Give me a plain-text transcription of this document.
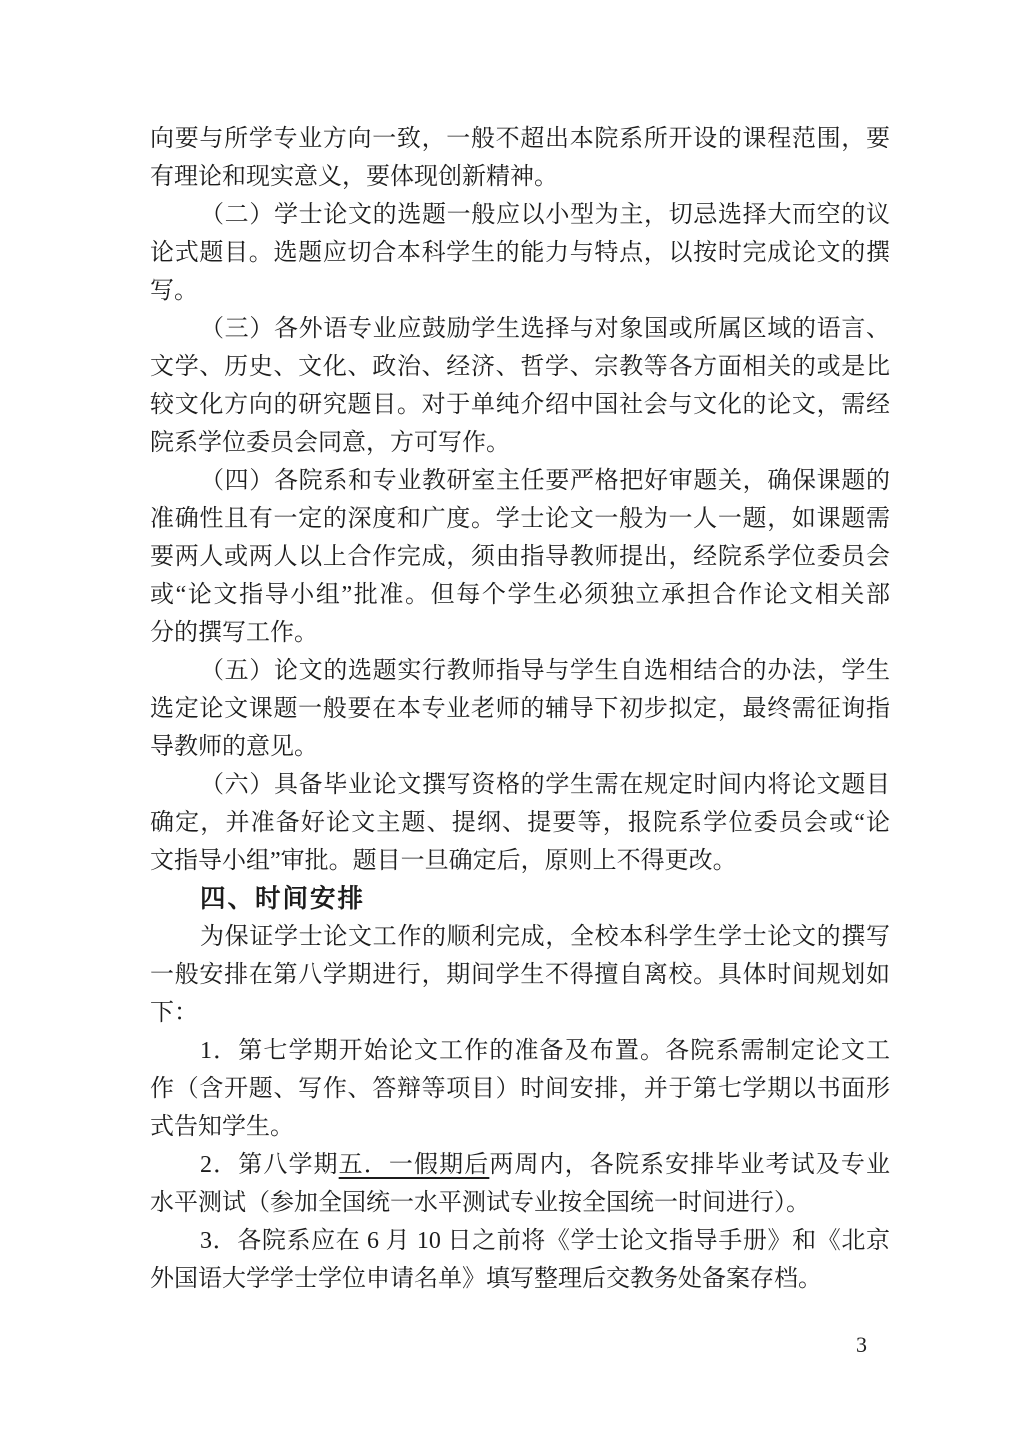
向要与所学专业方向一致，一般不超出本院系所开设的课程范围，要
有理论和现实意义，要体现创新精神。
（二）学士论文的选题一般应以小型为主，切忌选择大而空的议
论式题目。选题应切合本科学生的能力与特点，以按时完成论文的撰
写。
（三）各外语专业应鼓励学生选择与对象国或所属区域的语言、
文学、历史、文化、政治、经济、哲学、宗教等各方面相关的或是比
较文化方向的研究题目。对于单纯介绍中国社会与文化的论文，需经
院系学位委员会同意，方可写作。
（四）各院系和专业教研室主任要严格把好审题关，确保课题的
准确性且有一定的深度和广度。学士论文一般为一人一题，如课题需
要两人或两人以上合作完成，须由指导教师提出，经院系学位委员会
或“论文指导小组”批准。但每个学生必须独立承担合作论文相关部
分的撰写工作。
（五）论文的选题实行教师指导与学生自选相结合的办法，学生
选定论文课题一般要在本专业老师的辅导下初步拟定，最终需征询指
导教师的意见。
（六）具备毕业论文撰写资格的学生需在规定时间内将论文题目
确定，并准备好论文主题、提纲、提要等，报院系学位委员会或“论
文指导小组”审批。题目一旦确定后，原则上不得更改。
四、时间安排
为保证学士论文工作的顺利完成，全校本科学生学士论文的撰写
一般安排在第八学期进行，期间学生不得擅自离校。具体时间规划如
下：
1．第七学期开始论文工作的准备及布置。各院系需制定论文工
作（含开题、写作、答辩等项目）时间安排，并于第七学期以书面形
式告知学生。
2．第八学期五．一假期后两周内，各院系安排毕业考试及专业
水平测试（参加全国统一水平测试专业按全国统一时间进行）。
3．各院系应在 6 月 10 日之前将《学士论文指导手册》和《北京
外国语大学学士学位申请名单》填写整理后交教务处备案存档。
3
